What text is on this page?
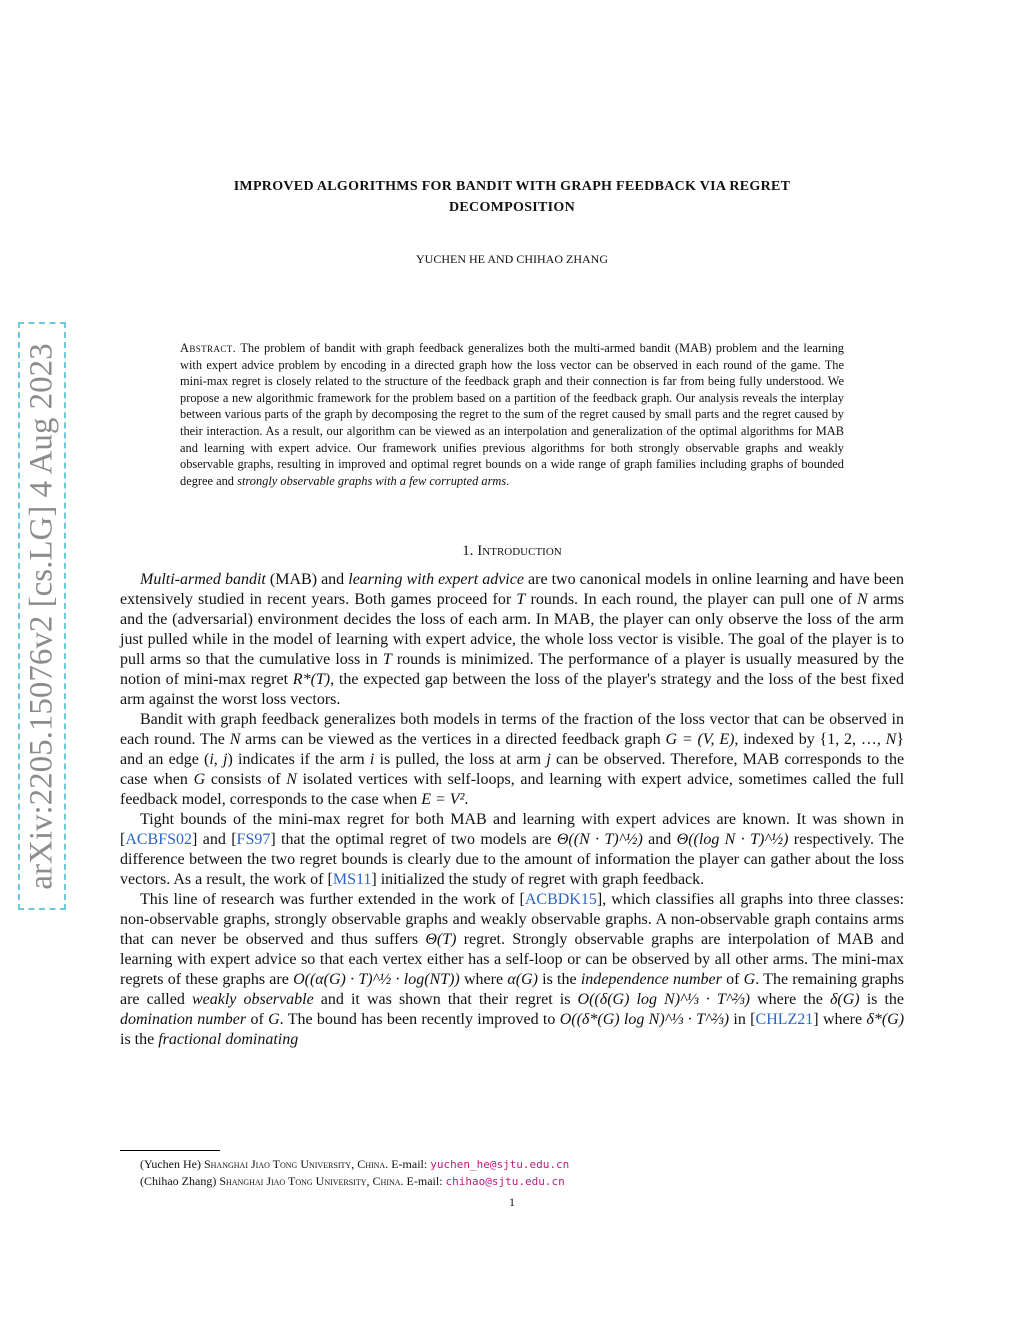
arXiv:2205.15076v2 [cs.LG] 4 Aug 2023
IMPROVED ALGORITHMS FOR BANDIT WITH GRAPH FEEDBACK VIA REGRET
DECOMPOSITION
YUCHEN HE AND CHIHAO ZHANG
Abstract. The problem of bandit with graph feedback generalizes both the multi-armed bandit (MAB) problem and the learning with expert advice problem by encoding in a directed graph how the loss vector can be observed in each round of the game. The mini-max regret is closely related to the structure of the feedback graph and their connection is far from being fully understood. We propose a new algorithmic framework for the problem based on a partition of the feedback graph. Our analysis reveals the interplay between various parts of the graph by decomposing the regret to the sum of the regret caused by small parts and the regret caused by their interaction. As a result, our algorithm can be viewed as an interpolation and generalization of the optimal algorithms for MAB and learning with expert advice. Our framework unifies previous algorithms for both strongly observable graphs and weakly observable graphs, resulting in improved and optimal regret bounds on a wide range of graph families including graphs of bounded degree and strongly observable graphs with a few corrupted arms.
1. Introduction

Multi-armed bandit (MAB) and learning with expert advice are two canonical models in online learning and have been extensively studied in recent years. Both games proceed for T rounds. In each round, the player can pull one of N arms and the (adversarial) environment decides the loss of each arm. In MAB, the player can only observe the loss of the arm just pulled while in the model of learning with expert advice, the whole loss vector is visible. The goal of the player is to pull arms so that the cumulative loss in T rounds is minimized. The performance of a player is usually measured by the notion of mini-max regret R*(T), the expected gap between the loss of the player's strategy and the loss of the best fixed arm against the worst loss vectors.

Bandit with graph feedback generalizes both models in terms of the fraction of the loss vector that can be observed in each round. The N arms can be viewed as the vertices in a directed feedback graph G = (V, E), indexed by {1, 2, …, N} and an edge (i, j) indicates if the arm i is pulled, the loss at arm j can be observed. Therefore, MAB corresponds to the case when G consists of N isolated vertices with self-loops, and learning with expert advice, sometimes called the full feedback model, corresponds to the case when E = V².

Tight bounds of the mini-max regret for both MAB and learning with expert advices are known. It was shown in [ACBFS02] and [FS97] that the optimal regret of two models are Θ((N · T)^½) and Θ((log N · T)^½) respectively. The difference between the two regret bounds is clearly due to the amount of information the player can gather about the loss vectors. As a result, the work of [MS11] initialized the study of regret with graph feedback.

This line of research was further extended in the work of [ACBDK15], which classifies all graphs into three classes: non-observable graphs, strongly observable graphs and weakly observable graphs. A non-observable graph contains arms that can never be observed and thus suffers Θ(T) regret. Strongly observable graphs are interpolation of MAB and learning with expert advice so that each vertex either has a self-loop or can be observed by all other arms. The mini-max regrets of these graphs are O((α(G) · T)^½ · log(NT)) where α(G) is the independence number of G. The remaining graphs are called weakly observable and it was shown that their regret is O((δ(G) log N)^⅓ · T^⅔) where the δ(G) is the domination number of G. The bound has been recently improved to O((δ*(G) log N)^⅓ · T^⅔) in [CHLZ21] where δ*(G) is the fractional dominating

(Yuchen He) Shanghai Jiao Tong University, China. E-mail: yuchen_he@sjtu.edu.cn
(Chihao Zhang) Shanghai Jiao Tong University, China. E-mail: chihao@sjtu.edu.cn
1
